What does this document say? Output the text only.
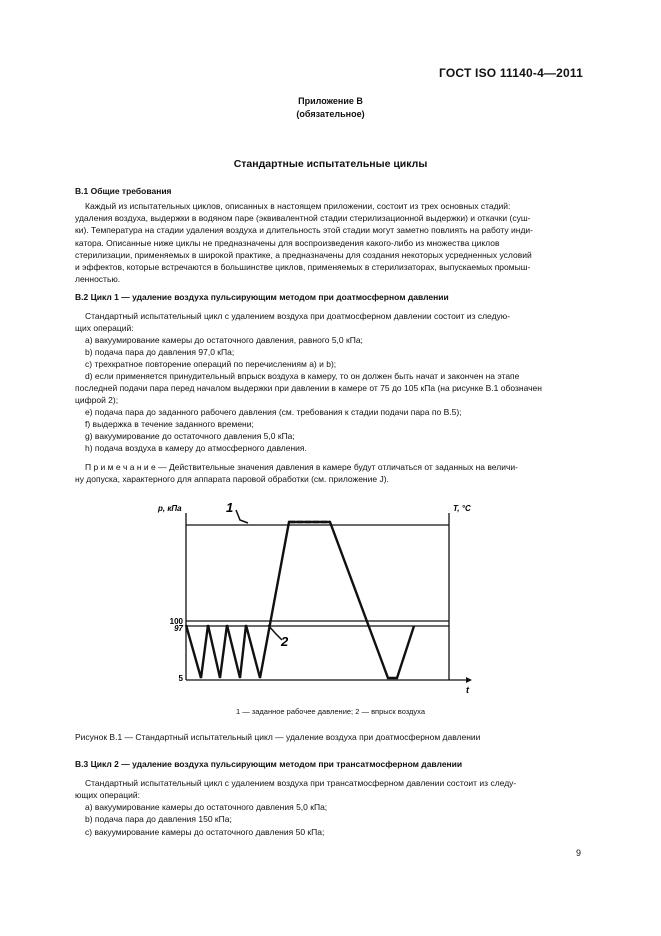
ГОСТ ISO 11140-4—2011
Приложение В
(обязательное)
Стандартные испытательные циклы
В.1 Общие требования
Каждый из испытательных циклов, описанных в настоящем приложении, состоит из трех основных стадий:
удаления воздуха, выдержки в водяном паре (эквивалентной стадии стерилизационной выдержки) и откачки (суш-
ки). Температура на стадии удаления воздуха и длительность этой стадии могут заметно повлиять на работу инди-
катора. Описанные ниже циклы не предназначены для воспроизведения какого-либо из множества циклов
стерилизации, применяемых в широкой практике, а предназначены для создания некоторых усредненных условий
и эффектов, которые встречаются в большинстве циклов, применяемых в стерилизаторах, выпускаемых промыш-
ленностью.
В.2 Цикл 1 — удаление воздуха пульсирующим методом при доатмосферном давлении
Стандартный испытательный цикл с удалением воздуха при доатмосферном давлении состоит из следую-
щих операций:
a) вакуумирование камеры до остаточного давления, равного 5,0 кПа;
b) подача пара до давления 97,0 кПа;
c) трехкратное повторение операций по перечислениям a) и b);
d) если применяется принудительный впрыск воздуха в камеру, то он должен быть начат и закончен на этапе
последней подачи пара перед началом выдержки при давлении в камере от 75 до 105 кПа (на рисунке В.1 обозначен
цифрой 2);
e) подача пара до заданного рабочего давления (см. требования к стадии подачи пара по В.5);
f) выдержка в течение заданного времени;
g) вакуумирование до остаточного давления 5,0 кПа;
h) подача воздуха в камеру до атмосферного давления.
П р и м е ч а н и е — Действительные значения давления в камере будут отличаться от заданных на величи-
ну допуска, характерного для аппарата паровой обработки (см. приложение J).
100
97
5
p, кПа	T, °C
t
1
2
1 — заданное рабочее давление; 2 — впрыск воздуха
Рисунок В.1 — Стандартный испытательный цикл — удаление воздуха при доатмосферном давлении
В.3 Цикл 2 — удаление воздуха пульсирующим методом при трансатмосферном давлении
Стандартный испытательный цикл с удалением воздуха при трансатмосферном давлении состоит из следу-
ющих операций:
a) вакуумирование камеры до остаточного давления 5,0 кПа;
b) подача пара до давления 150 кПа;
c) вакуумирование камеры до остаточного давления 50 кПа;
9
